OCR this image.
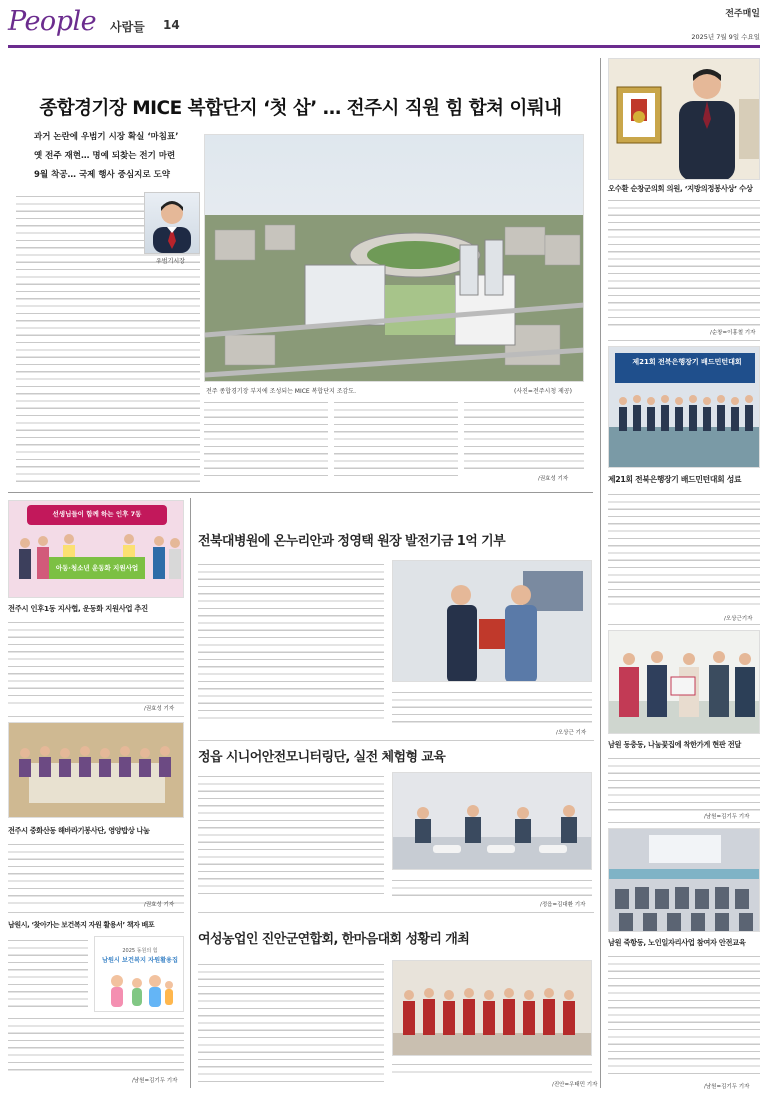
People 사람들 14
전주매일
2025년 7월 9일 수요일
종합경기장 MICE 복합단지 ‘첫 삽’ … 전주시 직원 힘 합쳐 이뤄내
과거 논란에 우범기 시장 확실 ‘마침표’
옛 전주 재현… 명예 되찾는 전기 마련
9월 착공… 국제 행사 중심지로 도약
우범기시장
전주 종합경기장 부지에 조성되는 MICE 복합단지 조감도.	(사진=전주시청 제공)
/권효성 기자
오수환 순창군의회 의원, ‘지방의정봉사상’ 수상
/순창=이홍철 기자
제21회 전북은행장기 배드민턴대회
제21회 전북은행장기 배드민턴대회 성료
/오상근기자
남원 동충동, 나눔꽃집에 착한가게 현판 전달
/남원=김기두 기자
남원 죽항동, 노인일자리사업 참여자 안전교육
/남원=김기두 기자
선생님들이 함께 하는 인후 7동
아동·청소년 운동화 지원사업
전주시 인후1동 지사협, 운동화 지원사업 추진
/권효성 기자
전주시 중화산동 해바라기봉사단, 영양밥상 나눔
/권효성 기자
남원시, ‘찾아가는 보건복지 자원 활용서’ 책자 배포
2025 동원의 힘
남원시 보건복지 자원활용집
/남원=김기두 기자
전북대병원에 온누리안과 정영택 원장 발전기금 1억 기부
/오상근 기자
정읍 시니어안전모니터링단, 실전 체험형 교육
/정읍=김대환 기자
여성농업인 진안군연합회, 한마음대회 성황리 개최
/진안=우태민 기자
